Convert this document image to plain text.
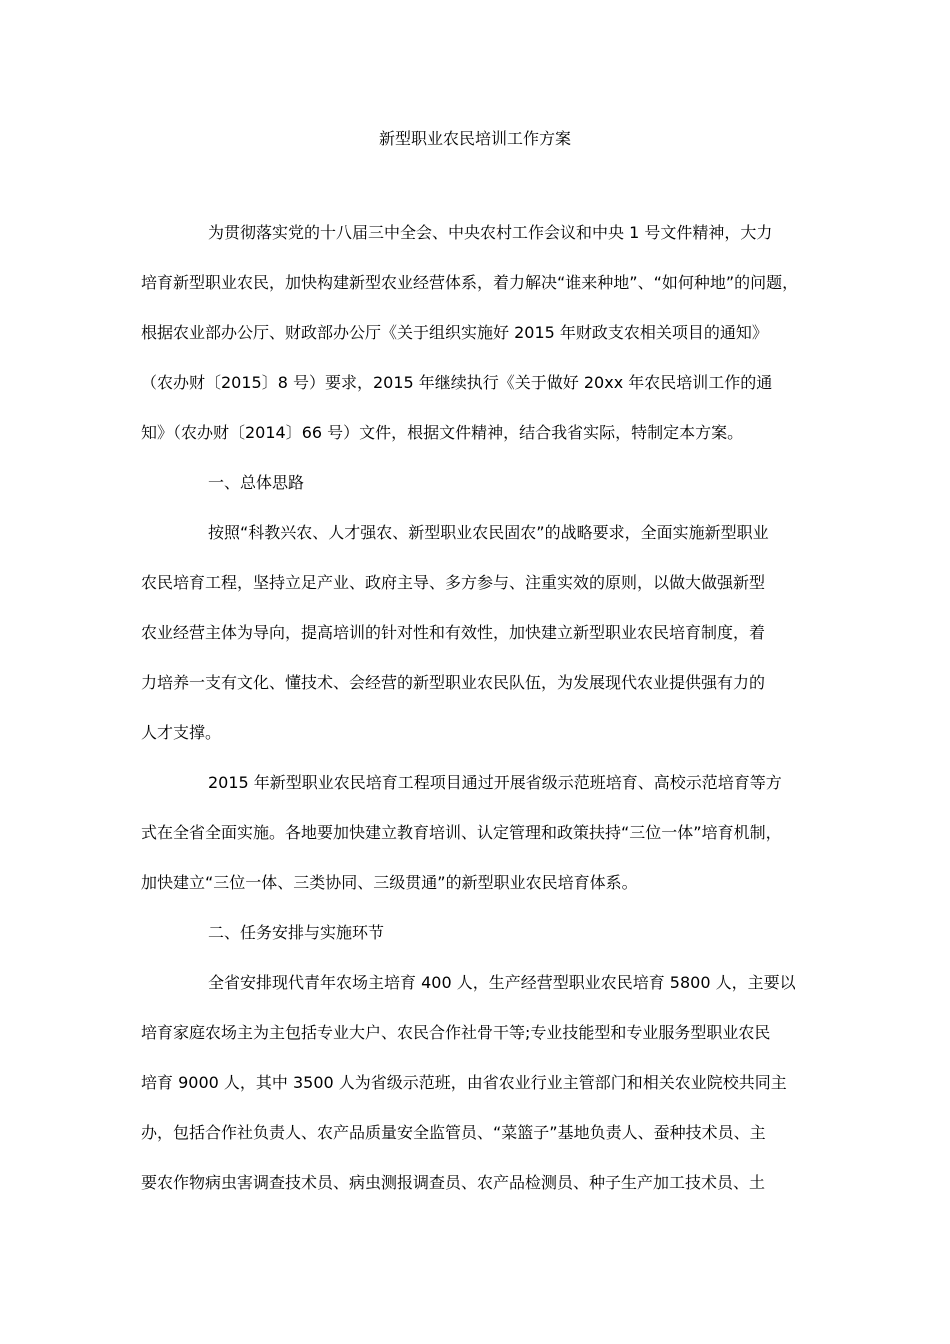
新型职业农民培训工作方案
为贯彻落实党的十八届三中全会、中央农村工作会议和中央 1 号文件精神，大力
培育新型职业农民，加快构建新型农业经营体系，着力解决“谁来种地”、“如何种地”的问题，
根据农业部办公厅、财政部办公厅《关于组织实施好 2015 年财政支农相关项目的通知》
（农办财〔2015〕8 号）要求，2015 年继续执行《关于做好 20xx 年农民培训工作的通
知》（农办财〔2014〕66 号）文件，根据文件精神，结合我省实际，特制定本方案。
一、总体思路
按照“科教兴农、人才强农、新型职业农民固农”的战略要求，全面实施新型职业
农民培育工程，坚持立足产业、政府主导、多方参与、注重实效的原则，以做大做强新型
农业经营主体为导向，提高培训的针对性和有效性，加快建立新型职业农民培育制度，着
力培养一支有文化、懂技术、会经营的新型职业农民队伍，为发展现代农业提供强有力的
人才支撑。
2015 年新型职业农民培育工程项目通过开展省级示范班培育、高校示范培育等方
式在全省全面实施。各地要加快建立教育培训、认定管理和政策扶持“三位一体”培育机制，
加快建立“三位一体、三类协同、三级贯通”的新型职业农民培育体系。
二、任务安排与实施环节
全省安排现代青年农场主培育 400 人，生产经营型职业农民培育 5800 人，主要以
培育家庭农场主为主包括专业大户、农民合作社骨干等;专业技能型和专业服务型职业农民
培育 9000 人，其中 3500 人为省级示范班，由省农业行业主管部门和相关农业院校共同主
办，包括合作社负责人、农产品质量安全监管员、“菜篮子”基地负责人、蚕种技术员、主
要农作物病虫害调查技术员、病虫测报调查员、农产品检测员、种子生产加工技术员、土
